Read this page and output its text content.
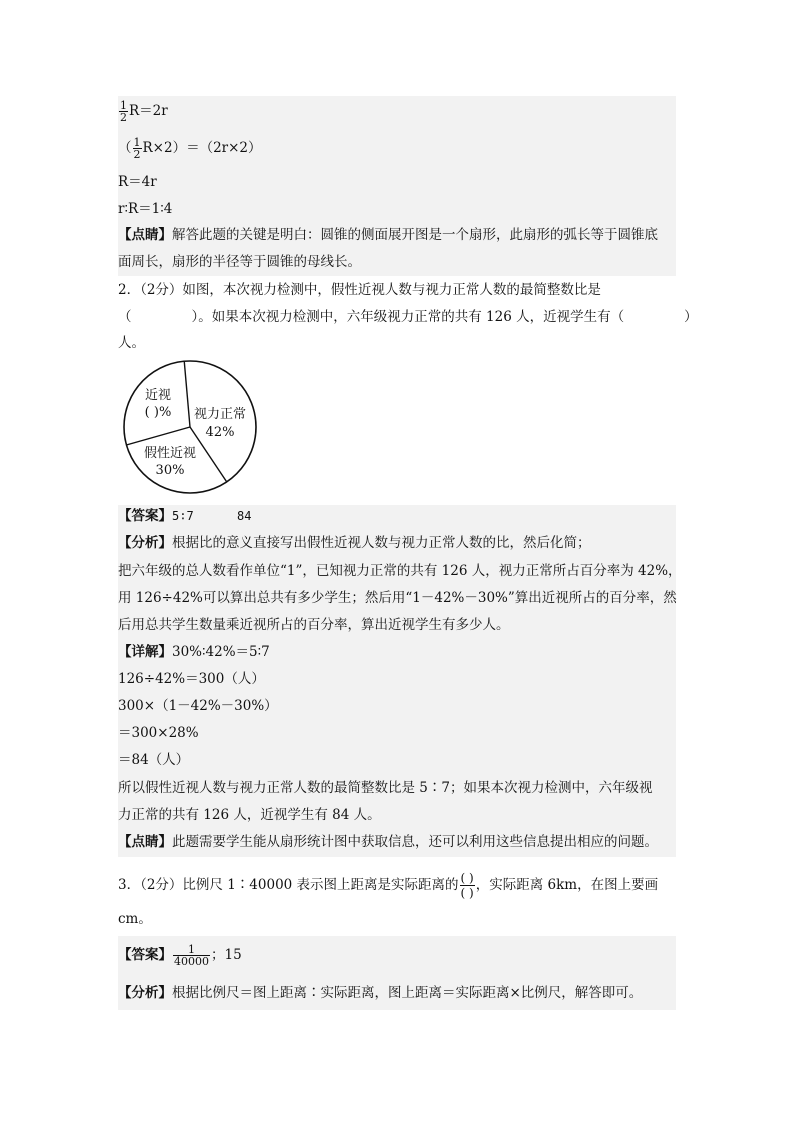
$\frac{1}{2} R=2r$
（ $\frac{1}{2} R\times 2)=(2r\times 2)$
R＝4r
r∶R＝1∶4
【点睛】解答此题的关键是明白：圆锥的侧面展开图是一个扇形，此扇形的弧长等于圆锥底
面周长，扇形的半径等于圆锥的母线长。
2．（2分）如图，本次视力检测中，假性近视人数与视力正常人数的最简整数比是
（	）。如果本次视力检测中，六年级视力正常的共有 126 人，近视学生有（	）
人。
近视
( )% 视力正常
42%
假性近视
30%
【答案】5∶7      84
【分析】根据比的意义直接写出假性近视人数与视力正常人数的比，然后化简；
把六年级的总人数看作单位“1”，已知视力正常的共有 126 人，视力正常所占百分率为 42%，
用 126÷42%可以算出总共有多少学生；然后用“1－42%－30%”算出近视所占的百分率，然
后用总共学生数量乘近视所占的百分率，算出近视学生有多少人。
【详解】30%∶42%＝5∶7
126÷42%＝300（人）
300×（1－42%－30%）
＝300×28%
＝84（人）
所以假性近视人数与视力正常人数的最简整数比是 5∶7；如果本次视力检测中，六年级视
力正常的共有 126 人，近视学生有 84 人。
【点睛】此题需要学生能从扇形统计图中获取信息，还可以利用这些信息提出相应的问题。
3．（2分）比例尺 1∶40000 表示图上距离是实际距离的 $\frac{( )}{( )}$ ，实际距离 6km，在图上要画
cm。
【答案】 $\frac{1}{40000}$ ；15
【分析】根据比例尺＝图上距离∶实际距离，图上距离＝实际距离×比例尺，解答即可。
